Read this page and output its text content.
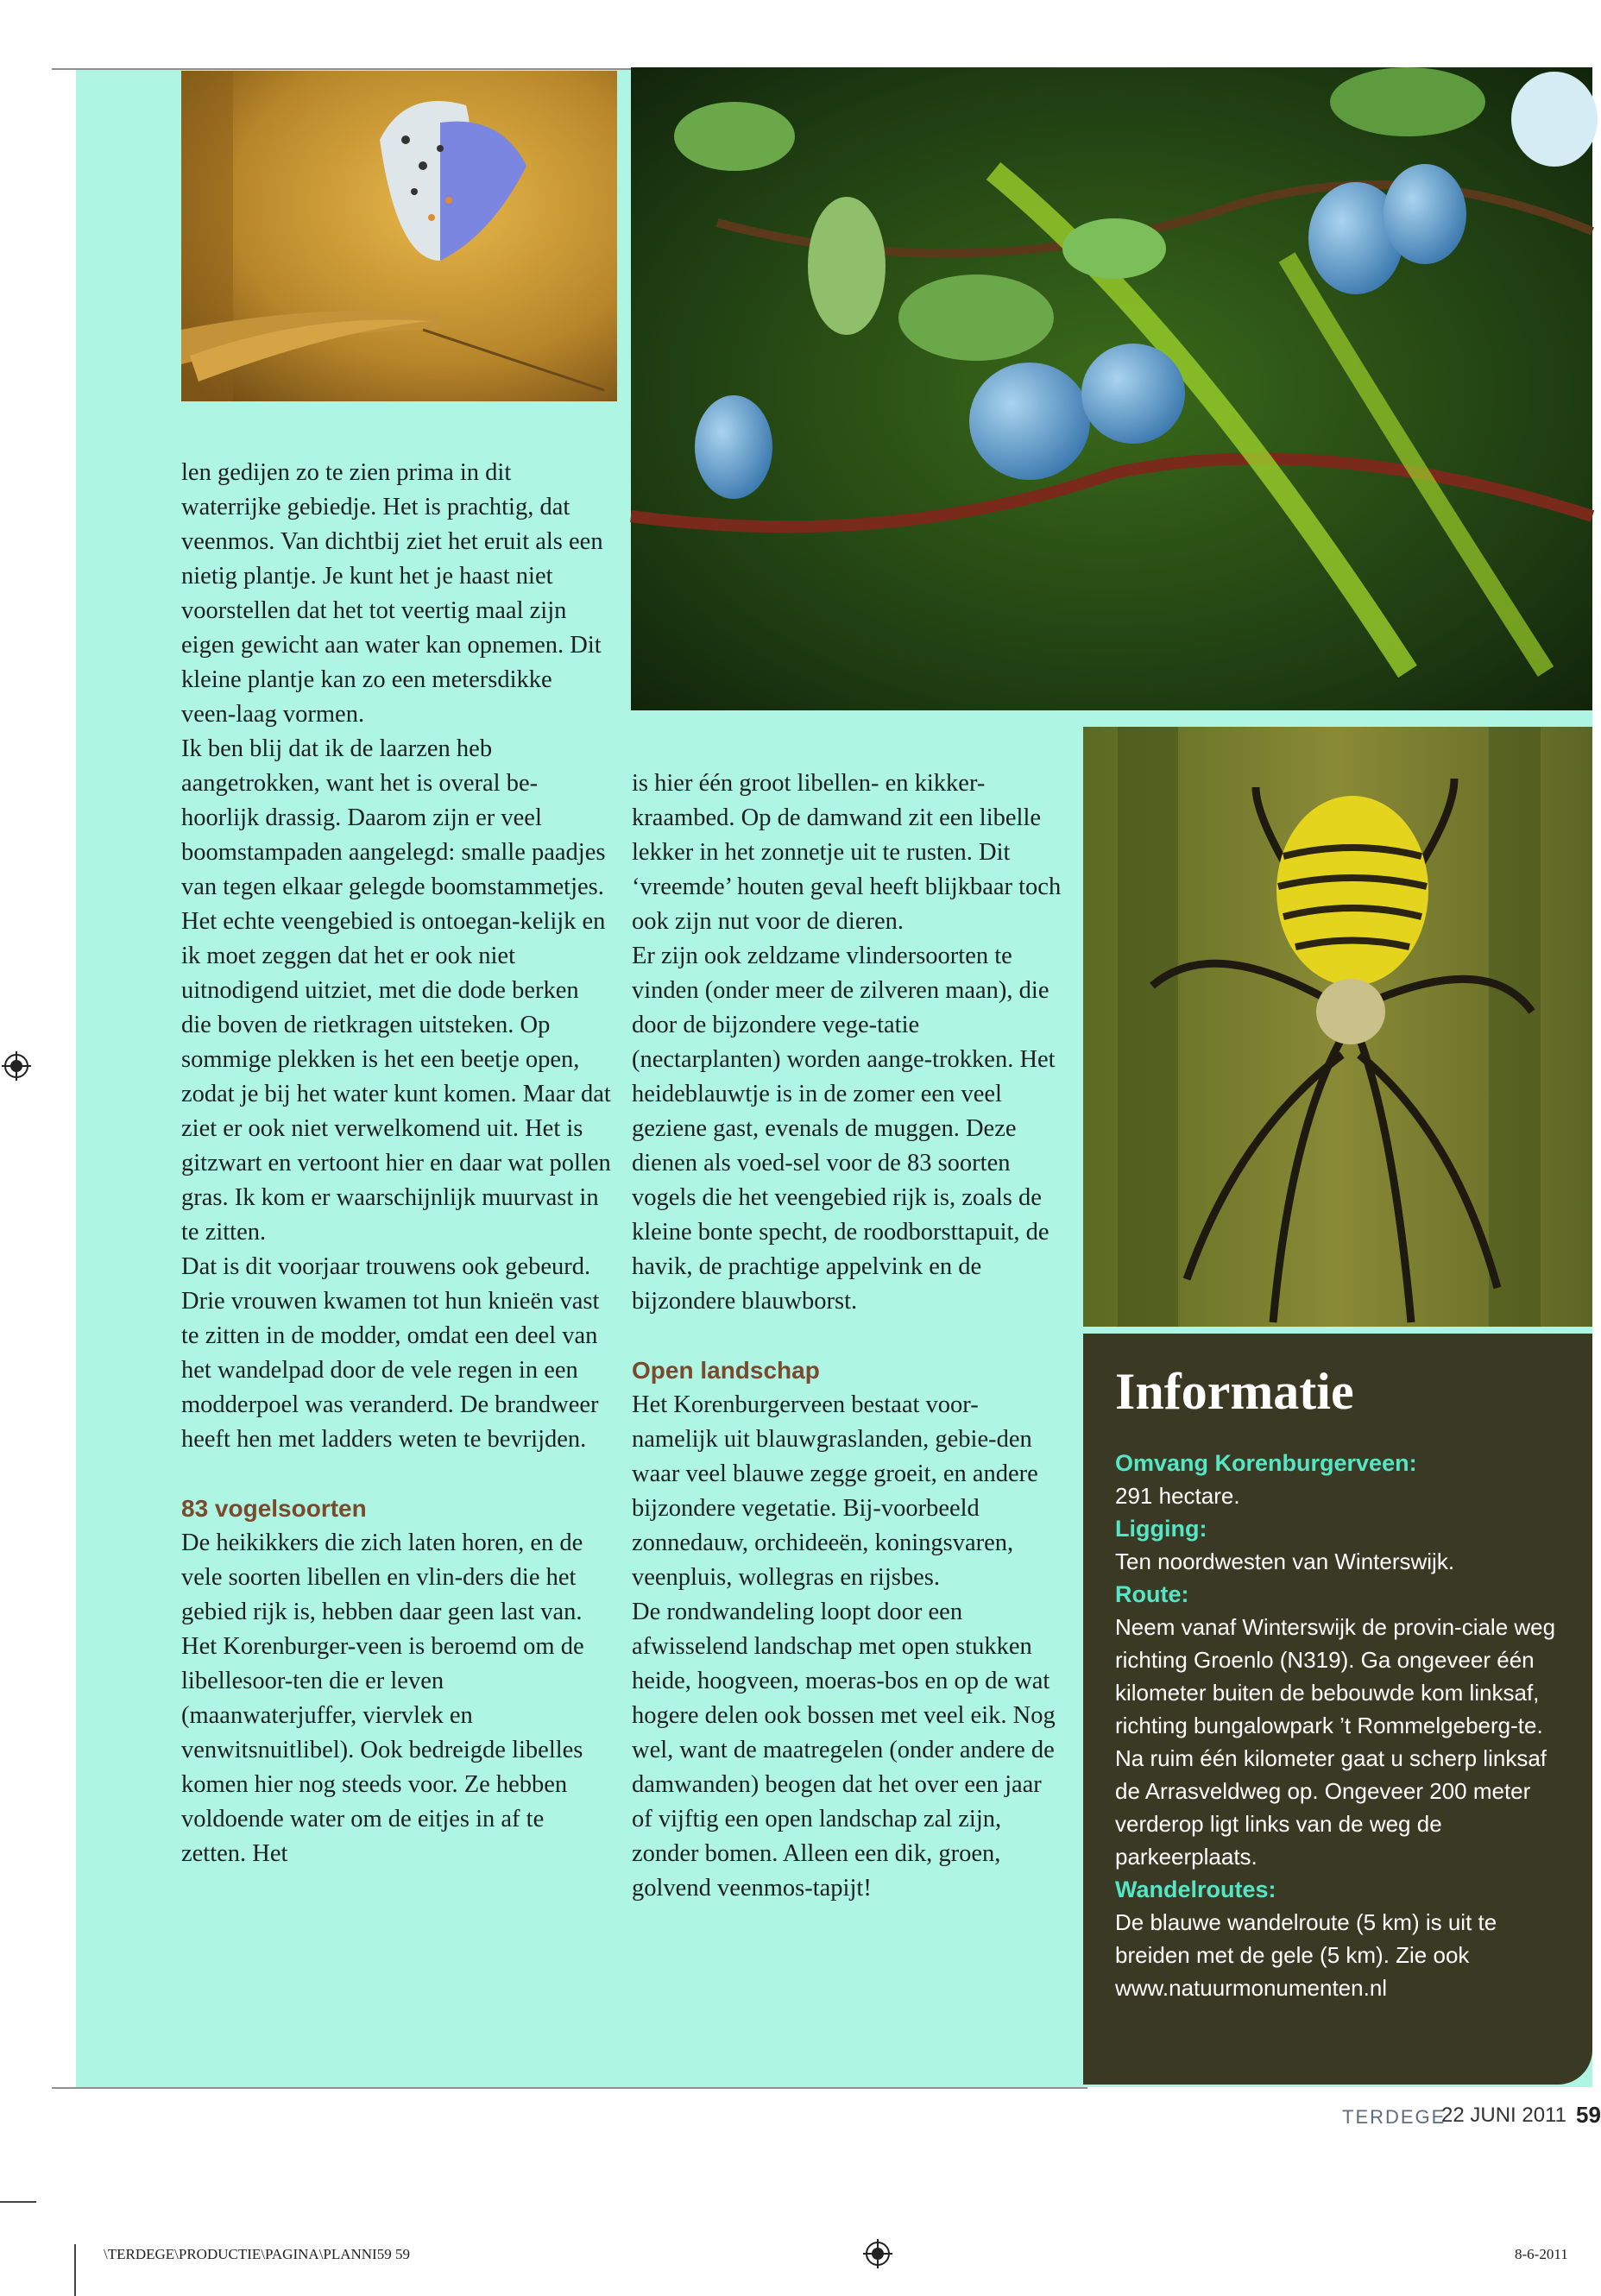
len gedijen zo te zien prima in dit waterrijke gebiedje. Het is prachtig, dat veenmos. Van dichtbij ziet het eruit als een nietig plantje. Je kunt het je haast niet voorstellen dat het tot veertig maal zijn eigen gewicht aan water kan opnemen. Dit kleine plantje kan zo een metersdikke veen-laag vormen.

Ik ben blij dat ik de laarzen heb aangetrokken, want het is overal be-hoorlijk drassig. Daarom zijn er veel boomstampaden aangelegd: smalle paadjes van tegen elkaar gelegde boomstammetjes.

Het echte veengebied is ontoegan-kelijk en ik moet zeggen dat het er ook niet uitnodigend uitziet, met die dode berken die boven de rietkragen uitsteken. Op sommige plekken is het een beetje open, zodat je bij het water kunt komen. Maar dat ziet er ook niet verwelkomend uit. Het is gitzwart en vertoont hier en daar wat pollen gras. Ik kom er waarschijnlijk muurvast in te zitten.

Dat is dit voorjaar trouwens ook gebeurd. Drie vrouwen kwamen tot hun knieën vast te zitten in de modder, omdat een deel van het wandelpad door de vele regen in een modderpoel was veranderd. De brandweer heeft hen met ladders weten te bevrijden.

83 vogelsoorten

De heikikkers die zich laten horen, en de vele soorten libellen en vlin-ders die het gebied rijk is, hebben daar geen last van. Het Korenburger-veen is beroemd om de libellesoor-ten die er leven (maanwaterjuffer, viervlek en venwitsnuitlibel). Ook bedreigde libelles komen hier nog steeds voor. Ze hebben voldoende water om de eitjes in af te zetten. Het

is hier één groot libellen- en kikker-kraambed. Op de damwand zit een libelle lekker in het zonnetje uit te rusten. Dit ‘vreemde’ houten geval heeft blijkbaar toch ook zijn nut voor de dieren.

Er zijn ook zeldzame vlindersoorten te vinden (onder meer de zilveren maan), die door de bijzondere vege-tatie (nectarplanten) worden aange-trokken. Het heideblauwtje is in de zomer een veel geziene gast, evenals de muggen. Deze dienen als voed-sel voor de 83 soorten vogels die het veengebied rijk is, zoals de kleine bonte specht, de roodborsttapuit, de havik, de prachtige appelvink en de bijzondere blauwborst.

Open landschap

Het Korenburgerveen bestaat voor-namelijk uit blauwgraslanden, gebie-den waar veel blauwe zegge groeit, en andere bijzondere vegetatie. Bij-voorbeeld zonnedauw, orchideeën, koningsvaren, veenpluis, wollegras en rijsbes.

De rondwandeling loopt door een afwisselend landschap met open stukken heide, hoogveen, moeras-bos en op de wat hogere delen ook bossen met veel eik. Nog wel, want de maatregelen (onder andere de damwanden) beogen dat het over een jaar of vijftig een open landschap zal zijn, zonder bomen. Alleen een dik, groen, golvend veenmos-tapijt!

Informatie

Omvang Korenburgerveen:

291 hectare.

Ligging:

Ten noordwesten van Winterswijk.

Route:

Neem vanaf Winterswijk de provin-ciale weg richting Groenlo (N319). Ga ongeveer één kilometer buiten de bebouwde kom linksaf, richting bungalowpark ’t Rommelgeberg-te. Na ruim één kilometer gaat u scherp linksaf de Arrasveldweg op. Ongeveer 200 meter verderop ligt links van de weg de parkeerplaats.

Wandelroutes:

De blauwe wandelroute (5 km) is uit te breiden met de gele (5 km). Zie ook www.natuurmonumenten.nl

TERDEGE
22 JUNI 2011 59
\TERDEGE\PRODUCTIE\PAGINA\PLANNI59 59	8-6-2011
